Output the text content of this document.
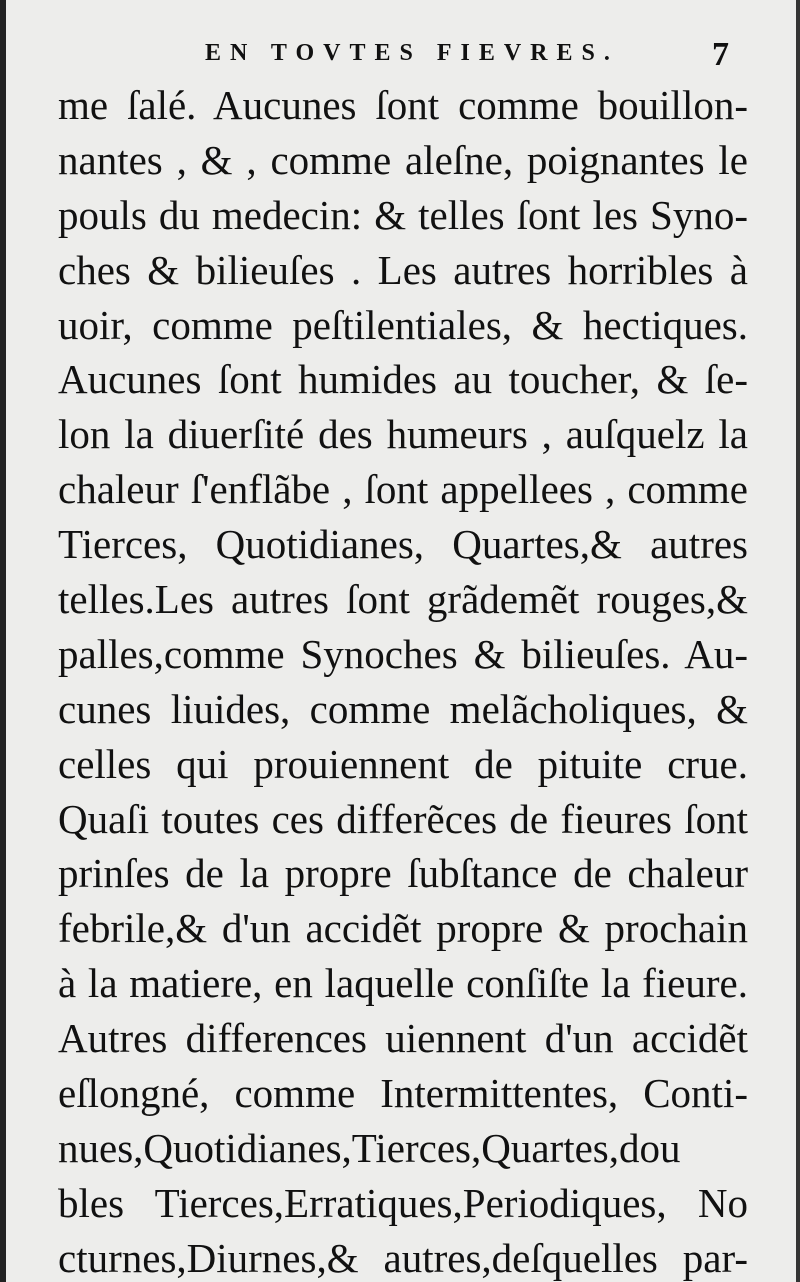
EN TOVTES FIEVRES.	7
me ſalé. Aucunes ſont comme bouillon-
nantes , & , comme aleſne, poignantes le
pouls du medecin: & telles ſont les Syno-
ches & bilieuſes . Les autres horribles à
uoir, comme peſtilentiales, & hectiques.
Aucunes ſont humides au toucher, & ſe-
lon la diuerſité des humeurs , auſquelz la
chaleur ſ'enflãbe , ſont appellees , comme
Tierces, Quotidianes, Quartes,& autres
telles.Les autres ſont grãdemẽt rouges,&
palles,comme Synoches & bilieuſes. Au-
cunes liuides, comme melãcholiques, &
celles qui prouiennent de pituite crue.
Quaſi toutes ces differẽces de fieures ſont
prinſes de la propre ſubſtance de chaleur
febrile,& d'un accidẽt propre & prochain
à la matiere, en laquelle conſiſte la fieure.
Autres differences uiennent d'un accidẽt
eſlongné, comme Intermittentes, Conti-
nues,Quotidianes,Tierces,Quartes,dou
bles Tierces,Erratiques,Periodiques, No
cturnes,Diurnes,& autres,deſquelles par-
